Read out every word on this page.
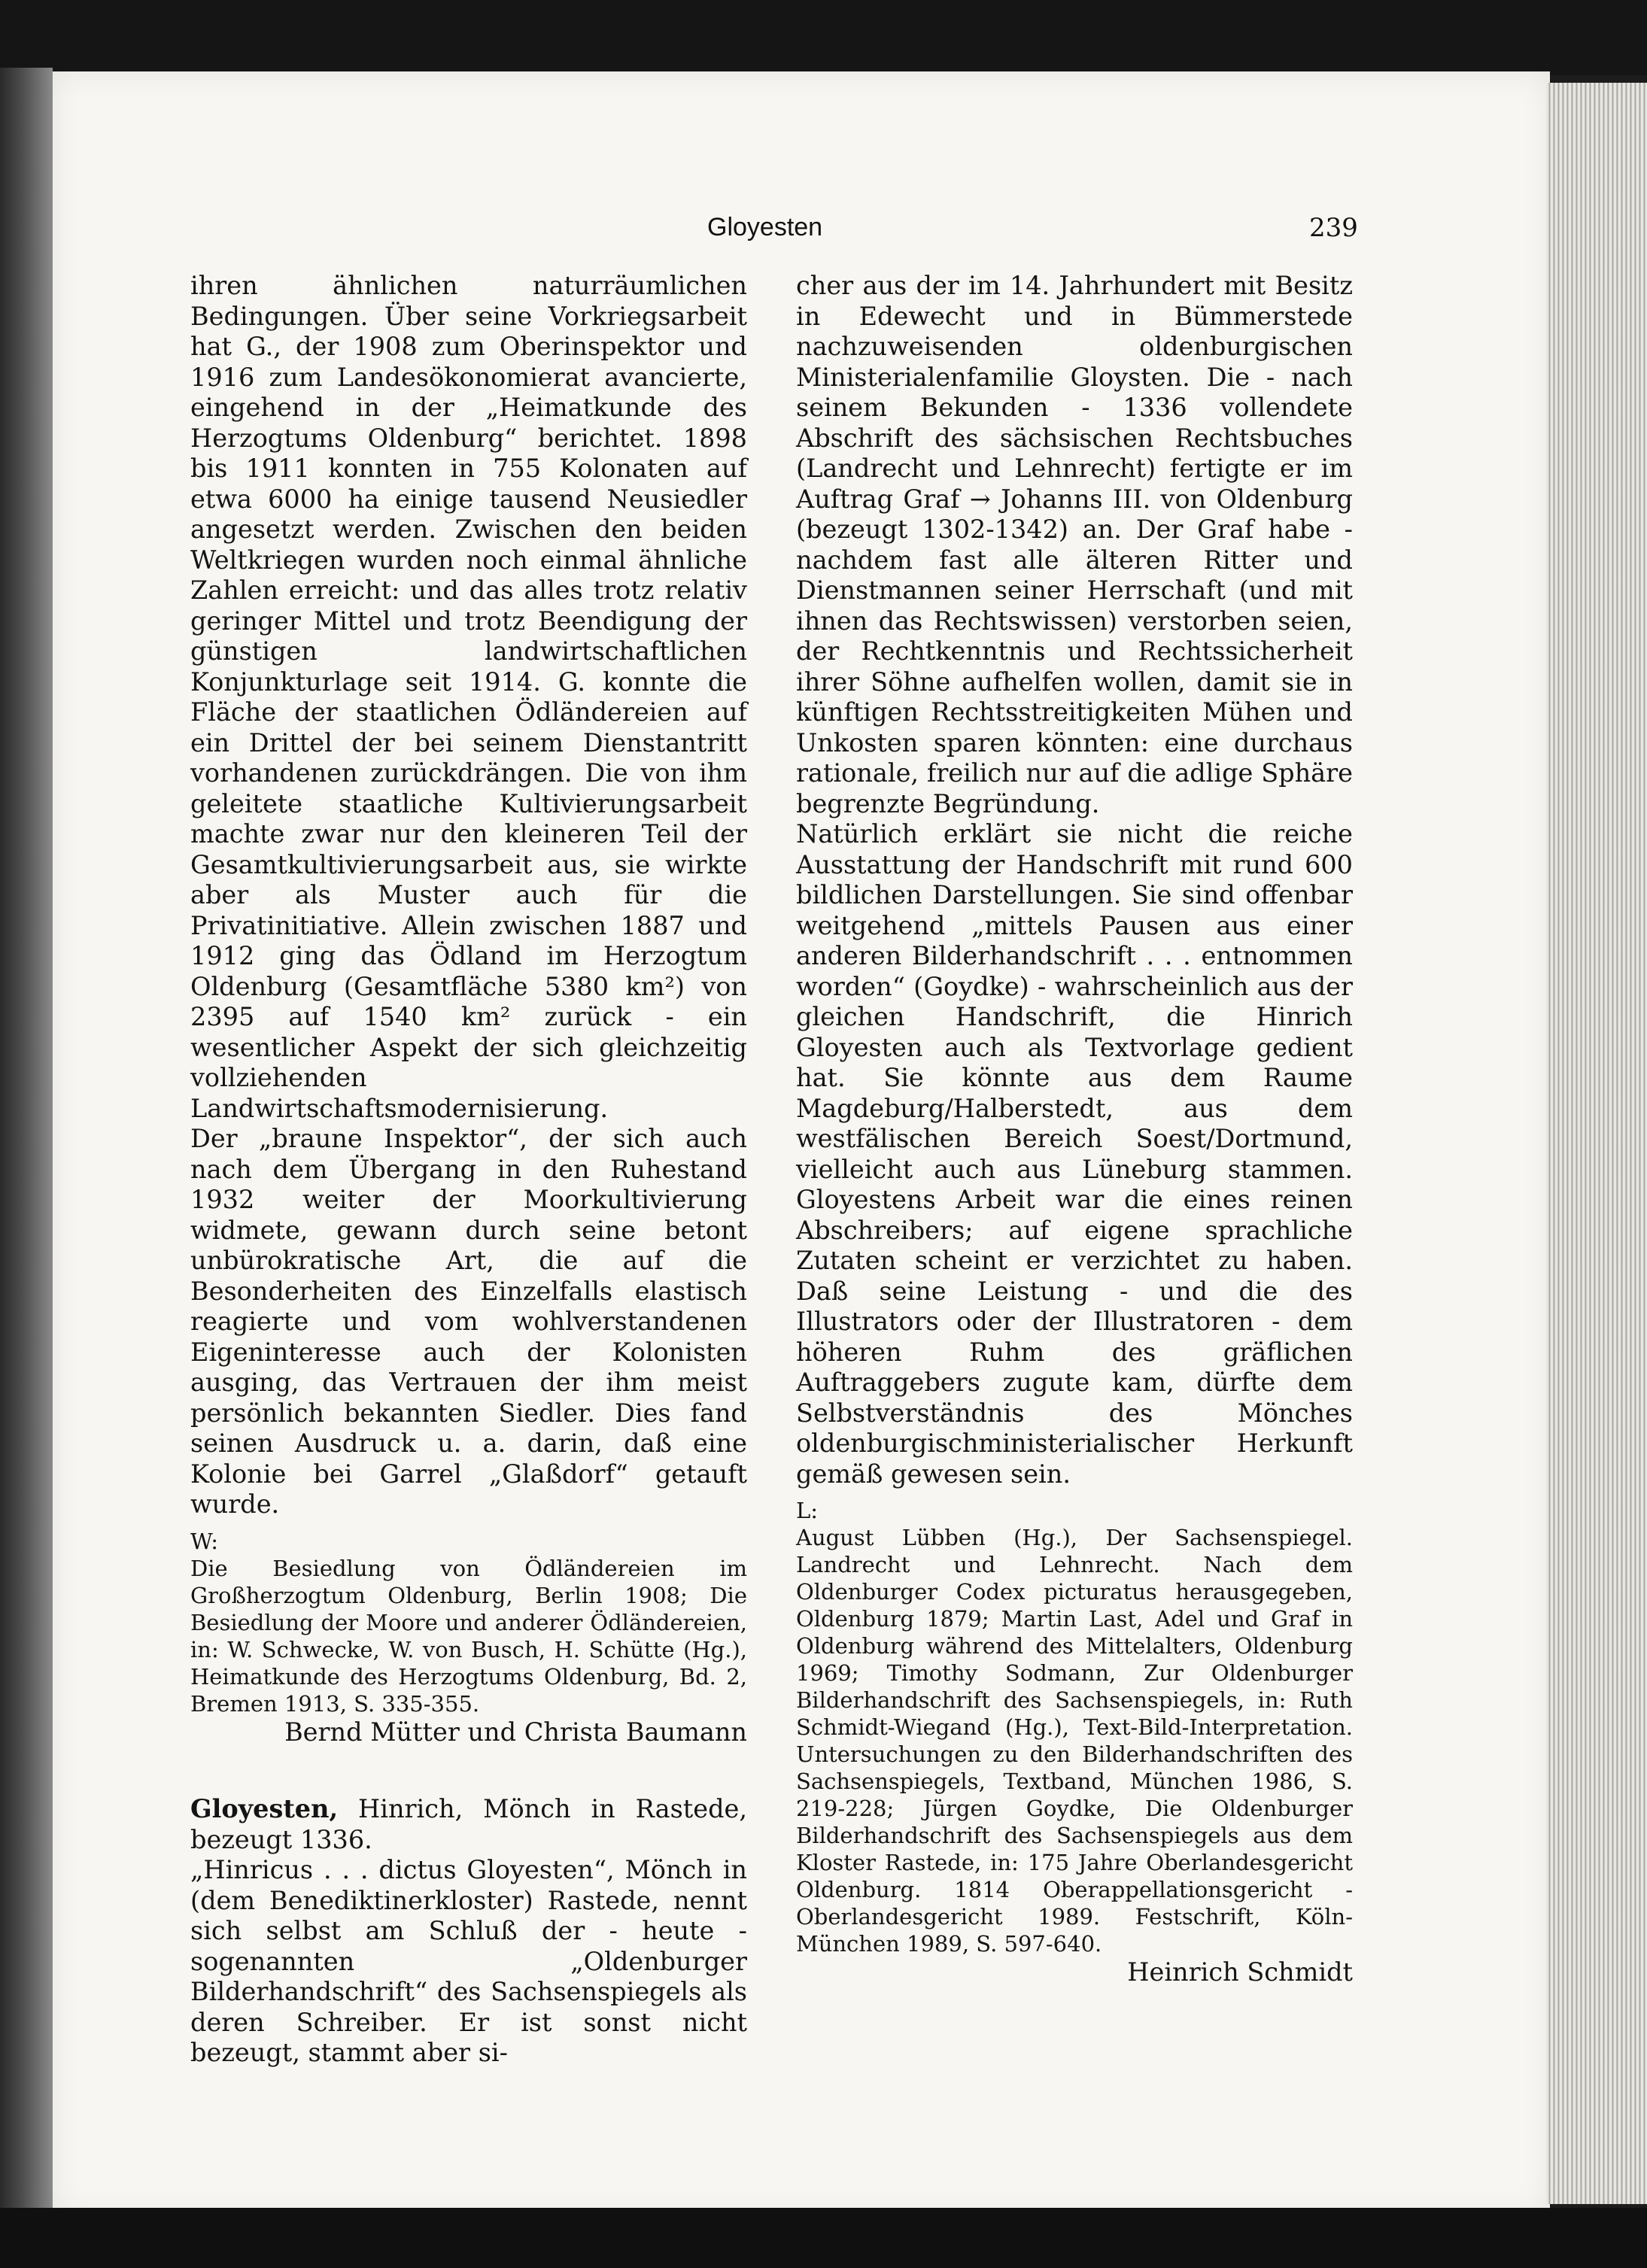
Gloyesten	239

ihren ähnlichen naturräumlichen Bedingungen. Über seine Vorkriegsarbeit hat G., der 1908 zum Oberinspektor und 1916 zum Landesökonomierat avancierte, eingehend in der „Heimatkunde des Herzogtums Oldenburg“ berichtet. 1898 bis 1911 konnten in 755 Kolonaten auf etwa 6000 ha einige tausend Neusiedler angesetzt werden. Zwischen den beiden Weltkriegen wurden noch einmal ähnliche Zahlen erreicht: und das alles trotz relativ geringer Mittel und trotz Beendigung der günstigen landwirtschaftlichen Konjunkturlage seit 1914. G. konnte die Fläche der staatlichen Ödländereien auf ein Drittel der bei seinem Dienstantritt vorhandenen zurückdrängen. Die von ihm geleitete staatliche Kultivierungsarbeit machte zwar nur den kleineren Teil der Gesamtkultivierungsarbeit aus, sie wirkte aber als Muster auch für die Privatinitiative. Allein zwischen 1887 und 1912 ging das Ödland im Herzogtum Oldenburg (Gesamtfläche 5380 km²) von 2395 auf 1540 km² zurück - ein wesentlicher Aspekt der sich gleichzeitig vollziehenden Landwirtschaftsmodernisierung.

Der „braune Inspektor“, der sich auch nach dem Übergang in den Ruhestand 1932 weiter der Moorkultivierung widmete, gewann durch seine betont unbürokratische Art, die auf die Besonderheiten des Einzelfalls elastisch reagierte und vom wohlverstandenen Eigeninteresse auch der Kolonisten ausging, das Vertrauen der ihm meist persönlich bekannten Siedler. Dies fand seinen Ausdruck u. a. darin, daß eine Kolonie bei Garrel „Glaßdorf“ getauft wurde.

W:

Die Besiedlung von Ödländereien im Großherzogtum Oldenburg, Berlin 1908; Die Besiedlung der Moore und anderer Ödländereien, in: W. Schwecke, W. von Busch, H. Schütte (Hg.), Heimatkunde des Herzogtums Oldenburg, Bd. 2, Bremen 1913, S. 335-355.

Bernd Mütter und Christa Baumann

Gloyesten, Hinrich, Mönch in Rastede, bezeugt 1336.

„Hinricus . . . dictus Gloyesten“, Mönch in (dem Benediktinerkloster) Rastede, nennt sich selbst am Schluß der - heute - sogenannten „Oldenburger Bilderhandschrift“ des Sachsenspiegels als deren Schreiber. Er ist sonst nicht bezeugt, stammt aber si-

cher aus der im 14. Jahrhundert mit Besitz in Edewecht und in Bümmerstede nachzuweisenden oldenburgischen Ministerialenfamilie Gloysten. Die - nach seinem Bekunden - 1336 vollendete Abschrift des sächsischen Rechtsbuches (Landrecht und Lehnrecht) fertigte er im Auftrag Graf → Johanns III. von Oldenburg (bezeugt 1302-1342) an. Der Graf habe - nachdem fast alle älteren Ritter und Dienstmannen seiner Herrschaft (und mit ihnen das Rechtswissen) verstorben seien, der Rechtkenntnis und Rechtssicherheit ihrer Söhne aufhelfen wollen, damit sie in künftigen Rechtsstreitigkeiten Mühen und Unkosten sparen könnten: eine durchaus rationale, freilich nur auf die adlige Sphäre begrenzte Begründung.

Natürlich erklärt sie nicht die reiche Ausstattung der Handschrift mit rund 600 bildlichen Darstellungen. Sie sind offenbar weitgehend „mittels Pausen aus einer anderen Bilderhandschrift . . . entnommen worden“ (Goydke) - wahrscheinlich aus der gleichen Handschrift, die Hinrich Gloyesten auch als Textvorlage gedient hat. Sie könnte aus dem Raume Magdeburg/Halberstedt, aus dem westfälischen Bereich Soest/Dortmund, vielleicht auch aus Lüneburg stammen. Gloyestens Arbeit war die eines reinen Abschreibers; auf eigene sprachliche Zutaten scheint er verzichtet zu haben. Daß seine Leistung - und die des Illustrators oder der Illustratoren - dem höheren Ruhm des gräflichen Auftraggebers zugute kam, dürfte dem Selbstverständnis des Mönches oldenburgischministerialischer Herkunft gemäß gewesen sein.

L:

August Lübben (Hg.), Der Sachsenspiegel. Landrecht und Lehnrecht. Nach dem Oldenburger Codex picturatus herausgegeben, Oldenburg 1879; Martin Last, Adel und Graf in Oldenburg während des Mittelalters, Oldenburg 1969; Timothy Sodmann, Zur Oldenburger Bilderhandschrift des Sachsenspiegels, in: Ruth Schmidt-Wiegand (Hg.), Text-Bild-Interpretation. Untersuchungen zu den Bilderhandschriften des Sachsenspiegels, Textband, München 1986, S. 219-228; Jürgen Goydke, Die Oldenburger Bilderhandschrift des Sachsenspiegels aus dem Kloster Rastede, in: 175 Jahre Oberlandesgericht Oldenburg. 1814 Oberappellationsgericht - Oberlandesgericht 1989. Festschrift, Köln-München 1989, S. 597-640.

Heinrich Schmidt
